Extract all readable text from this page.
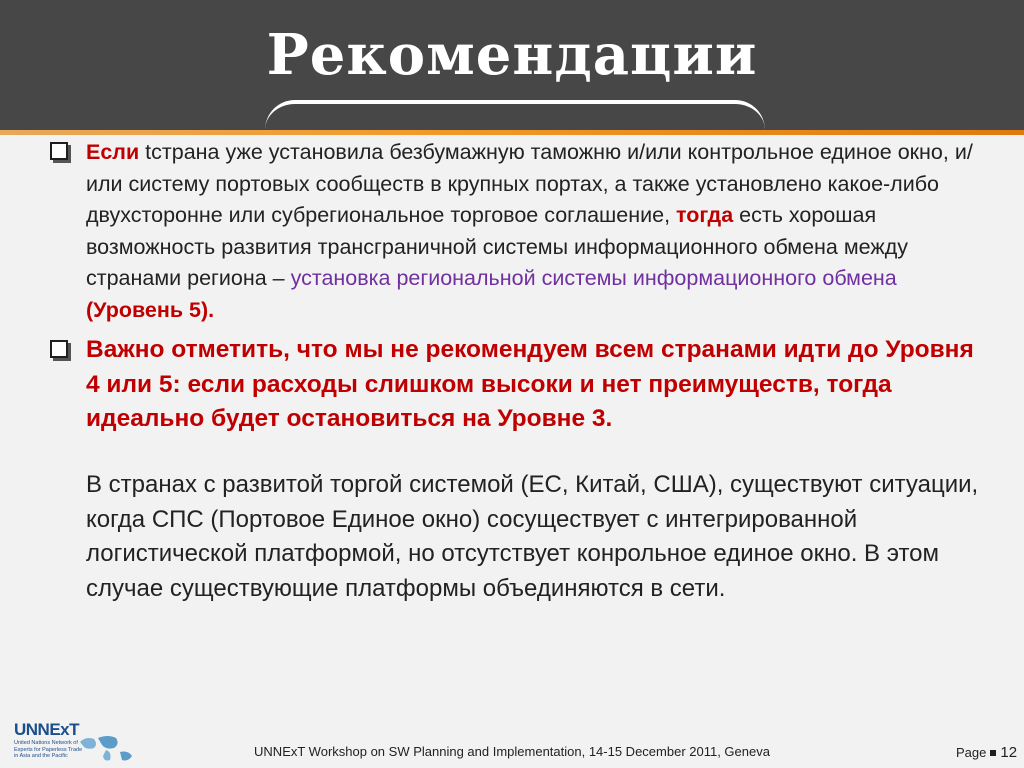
Рекомендации
Если tстрана уже установила безбумажную таможню и/или контрольное единое окно, и/или систему портовых сообществ в крупных портах, а также установлено какое-либо двухсторонне или субрегиональное торговое соглашение, тогда есть хорошая возможность развития трансграничной системы информационного обмена между странами региона – установка региональной системы информационного обмена (Уровень 5).
Важно отметить, что мы не рекомендуем всем странами идти до Уровня 4 или 5: если расходы слишком высоки и нет преимуществ, тогда идеально будет остановиться на Уровне 3.
В странах с развитой торгой системой (ЕС, Китай, США), существуют ситуации, когда СПС (Портовое Единое окно) сосуществует с интегрированной логистической платформой, но отсутствует конрольное единое окно. В этом случае существующие платформы объединяются в сети.
UNNExT
United Nations Network of Experts for Paperless Trade in Asia and the Pacific	UNNExT Workshop on SW Planning and Implementation, 14-15 December 2011, Geneva	Page 12
